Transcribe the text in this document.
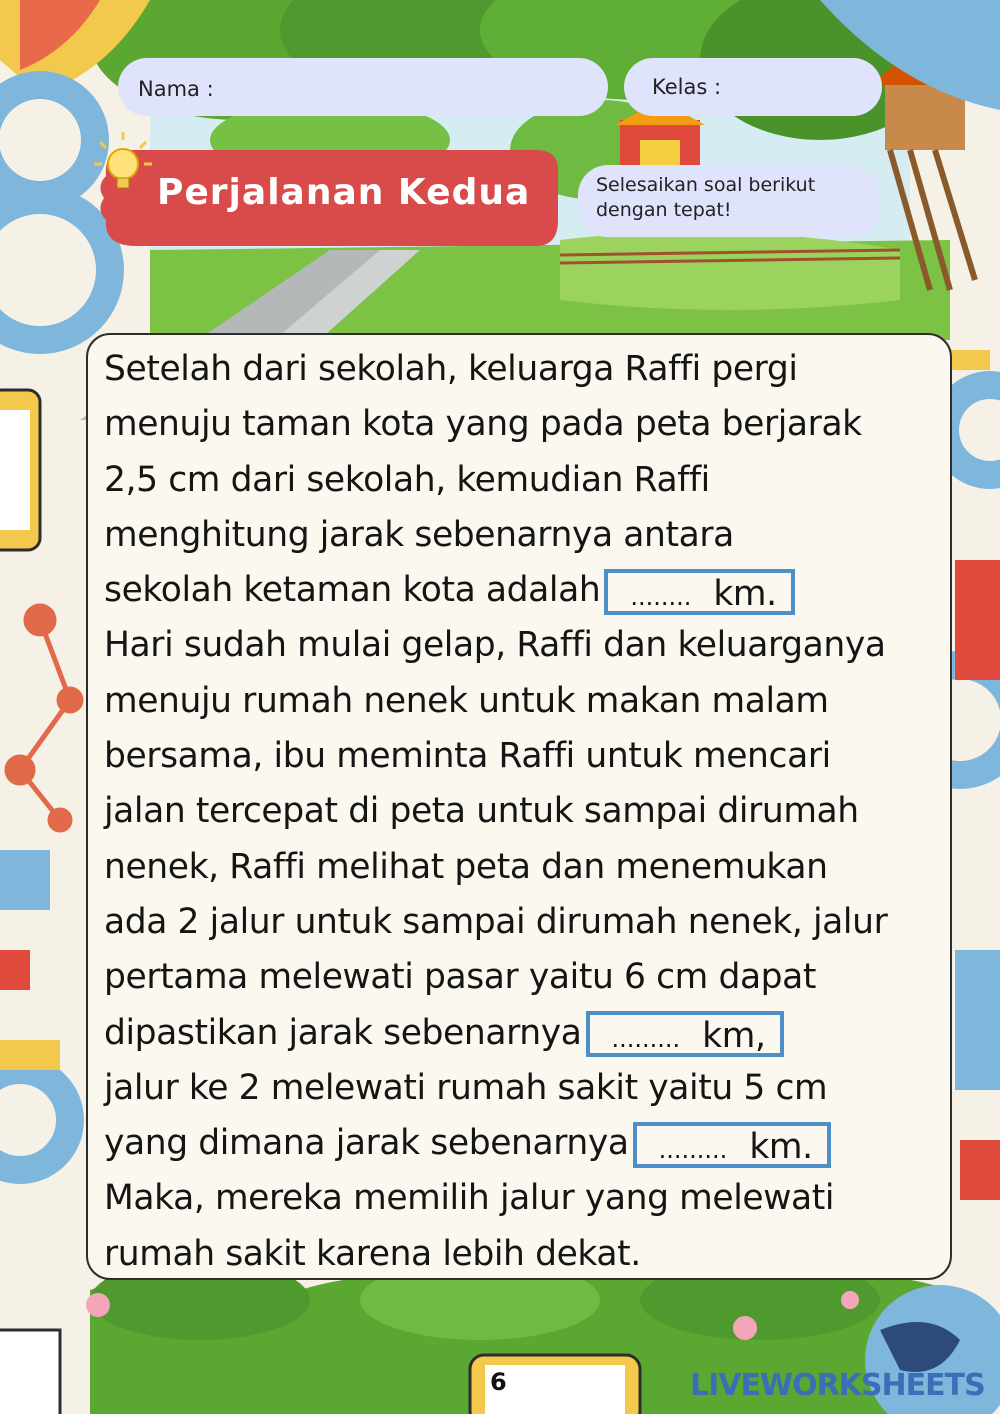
Nama :	Kelas :
Perjalanan Kedua	Selesaikan soal berikut
dengan tepat!
Setelah dari sekolah, keluarga Raffi pergi
menuju taman kota yang pada peta berjarak
2,5 cm dari sekolah, kemudian Raffi
menghitung jarak sebenarnya antara
sekolah ketaman kota adalah ........ km.
Hari sudah mulai gelap, Raffi dan keluarganya
menuju rumah nenek untuk makan malam
bersama, ibu meminta Raffi untuk mencari
jalan tercepat di peta untuk sampai dirumah
nenek, Raffi melihat peta dan menemukan
ada 2 jalur untuk sampai dirumah nenek, jalur
pertama melewati pasar yaitu 6 cm dapat
dipastikan jarak sebenarnya ......... km,
jalur ke 2 melewati rumah sakit yaitu 5 cm
yang dimana jarak sebenarnya ......... km.
Maka, mereka memilih jalur yang melewati
rumah sakit karena lebih dekat.
6	LIVEWORKSHEETS
